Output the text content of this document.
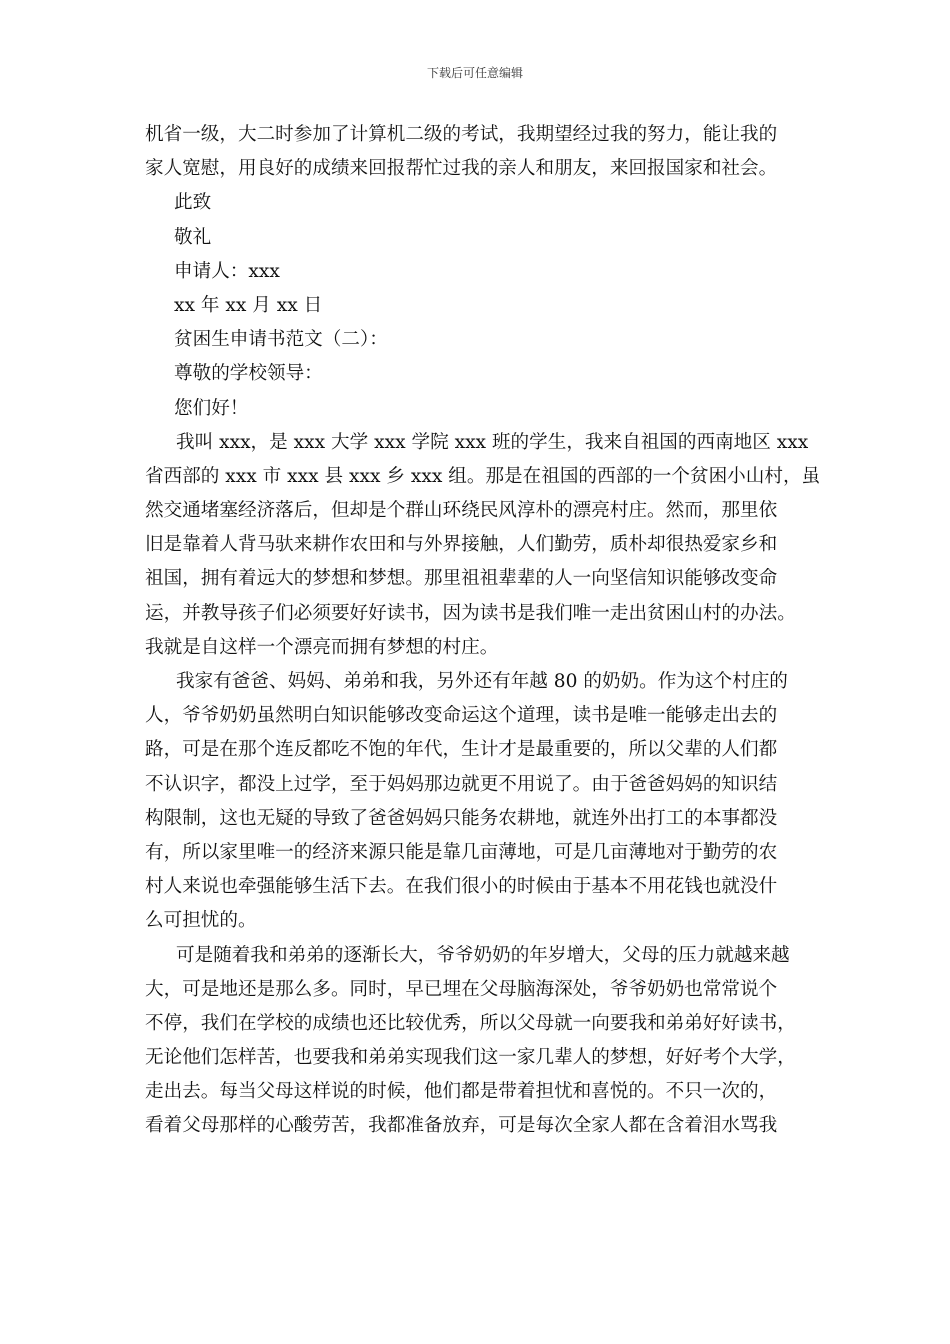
下载后可任意编辑
机省一级，大二时参加了计算机二级的考试，我期望经过我的努力，能让我的
家人宽慰，用良好的成绩来回报帮忙过我的亲人和朋友，来回报国家和社会。
此致
敬礼
申请人：xxx
xx 年 xx 月 xx 日
贫困生申请书范文（二）：
尊敬的学校领导：
您们好！
我叫 xxx，是 xxx 大学 xxx 学院 xxx 班的学生，我来自祖国的西南地区 xxx
省西部的 xxx 市 xxx 县 xxx 乡 xxx 组。那是在祖国的西部的一个贫困小山村，虽
然交通堵塞经济落后，但却是个群山环绕民风淳朴的漂亮村庄。然而，那里依
旧是靠着人背马驮来耕作农田和与外界接触，人们勤劳，质朴却很热爱家乡和
祖国，拥有着远大的梦想和梦想。那里祖祖辈辈的人一向坚信知识能够改变命
运，并教导孩子们必须要好好读书，因为读书是我们唯一走出贫困山村的办法。
我就是自这样一个漂亮而拥有梦想的村庄。
我家有爸爸、妈妈、弟弟和我，另外还有年越 80 的奶奶。作为这个村庄的
人，爷爷奶奶虽然明白知识能够改变命运这个道理，读书是唯一能够走出去的
路，可是在那个连反都吃不饱的年代，生计才是最重要的，所以父辈的人们都
不认识字，都没上过学，至于妈妈那边就更不用说了。由于爸爸妈妈的知识结
构限制，这也无疑的导致了爸爸妈妈只能务农耕地，就连外出打工的本事都没
有，所以家里唯一的经济来源只能是靠几亩薄地，可是几亩薄地对于勤劳的农
村人来说也牵强能够生活下去。在我们很小的时候由于基本不用花钱也就没什
么可担忧的。
可是随着我和弟弟的逐渐长大，爷爷奶奶的年岁增大，父母的压力就越来越
大，可是地还是那么多。同时，早已埋在父母脑海深处，爷爷奶奶也常常说个
不停，我们在学校的成绩也还比较优秀，所以父母就一向要我和弟弟好好读书，
无论他们怎样苦，也要我和弟弟实现我们这一家几辈人的梦想，好好考个大学，
走出去。每当父母这样说的时候，他们都是带着担忧和喜悦的。不只一次的，
看着父母那样的心酸劳苦，我都准备放弃，可是每次全家人都在含着泪水骂我
